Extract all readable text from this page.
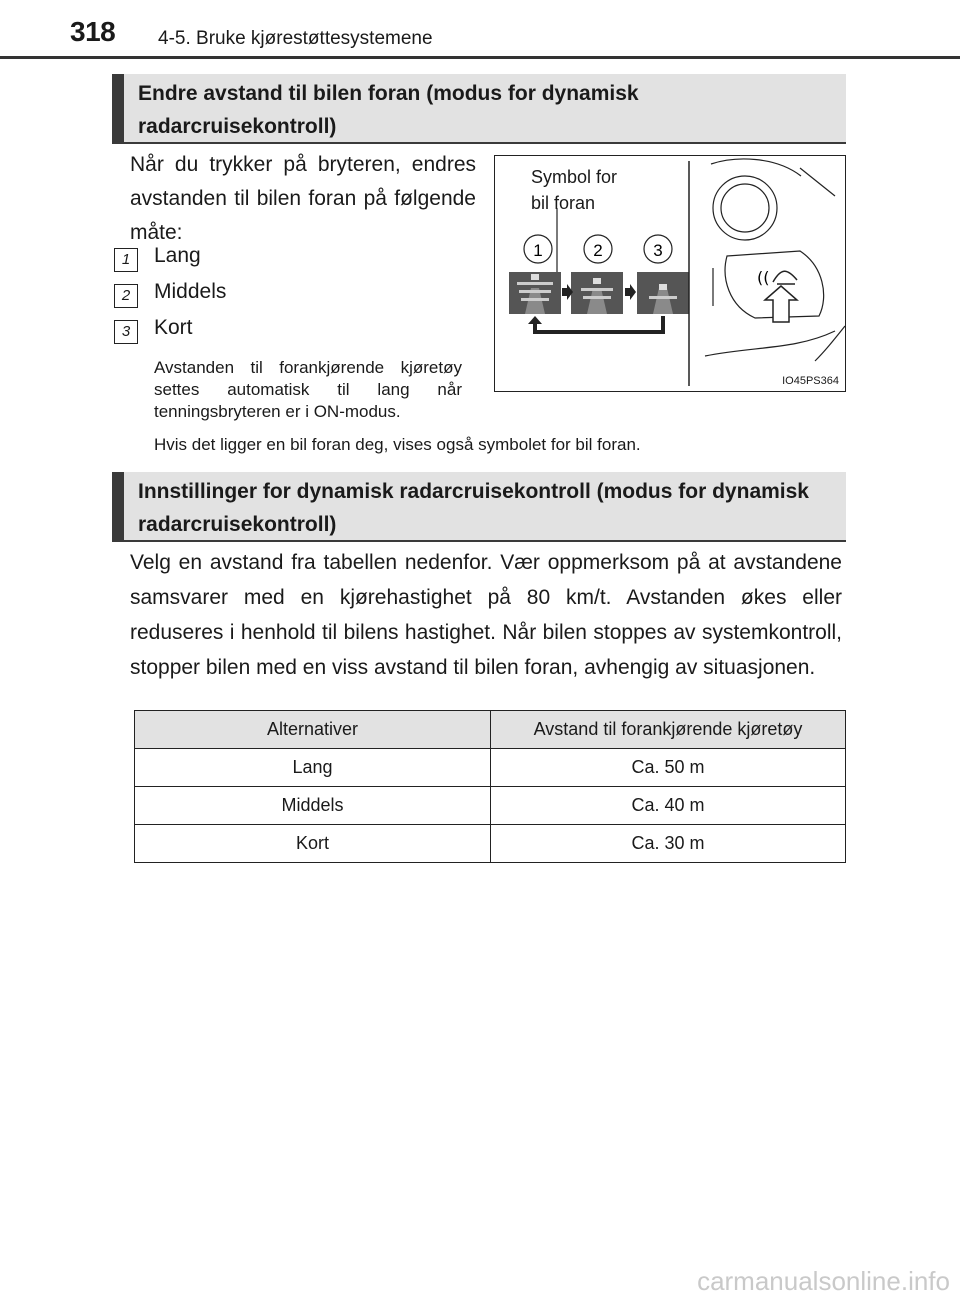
318 4-5. Bruke kjørestøttesystemene
Endre avstand til bilen foran (modus for dynamisk radarcruisekontroll)
Når du trykker på bryteren, endres avstanden til bilen foran på følgende måte:
1	Lang
2	Middels
3	Kort
Avstanden til forankjørende kjøretøy settes automatisk til lang når tenningsbryteren er i ON-modus.
Hvis det ligger en bil foran deg, vises også symbolet for bil foran.
Symbol for
bil foran
1	2	3
((
IO45PS364
Innstillinger for dynamisk radarcruisekontroll (modus for dynamisk radarcruisekontroll)
Velg en avstand fra tabellen nedenfor. Vær oppmerksom på at avstandene samsvarer med en kjørehastighet på 80 km/t. Avstanden økes eller reduseres i henhold til bilens hastighet. Når bilen stoppes av systemkontroll, stopper bilen med en viss avstand til bilen foran, avhengig av situasjonen.
Alternativer	Avstand til forankjørende kjøretøy
Lang	Ca. 50 m
Middels	Ca. 40 m
Kort	Ca. 30 m
carmanualsonline.info
